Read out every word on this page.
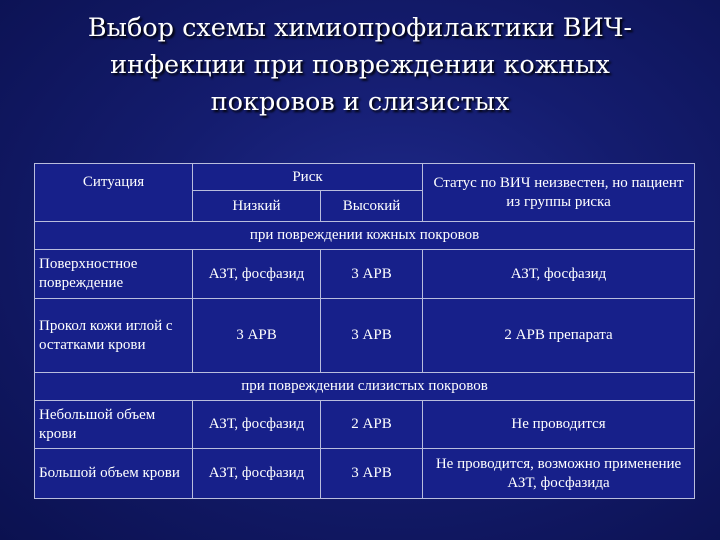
Выбор схемы химиопрофилактики ВИЧ-
инфекции при повреждении кожных
покровов и слизистых
Ситуация	Риск		Статус по ВИЧ неизвестен, но пациент из группы риска
	Низкий	Высокий	
при повреждении кожных покровов			
Поверхностное повреждение	АЗТ, фосфазид	3 АРВ	АЗТ, фосфазид
Прокол кожи иглой с остатками крови	3 АРВ	3 АРВ	2 АРВ препарата
при повреждении слизистых покровов			
Небольшой объем крови	АЗТ, фосфазид	2 АРВ	Не проводится
Большой объем крови	АЗТ, фосфазид	3 АРВ	Не проводится, возможно применение АЗТ, фосфазида
